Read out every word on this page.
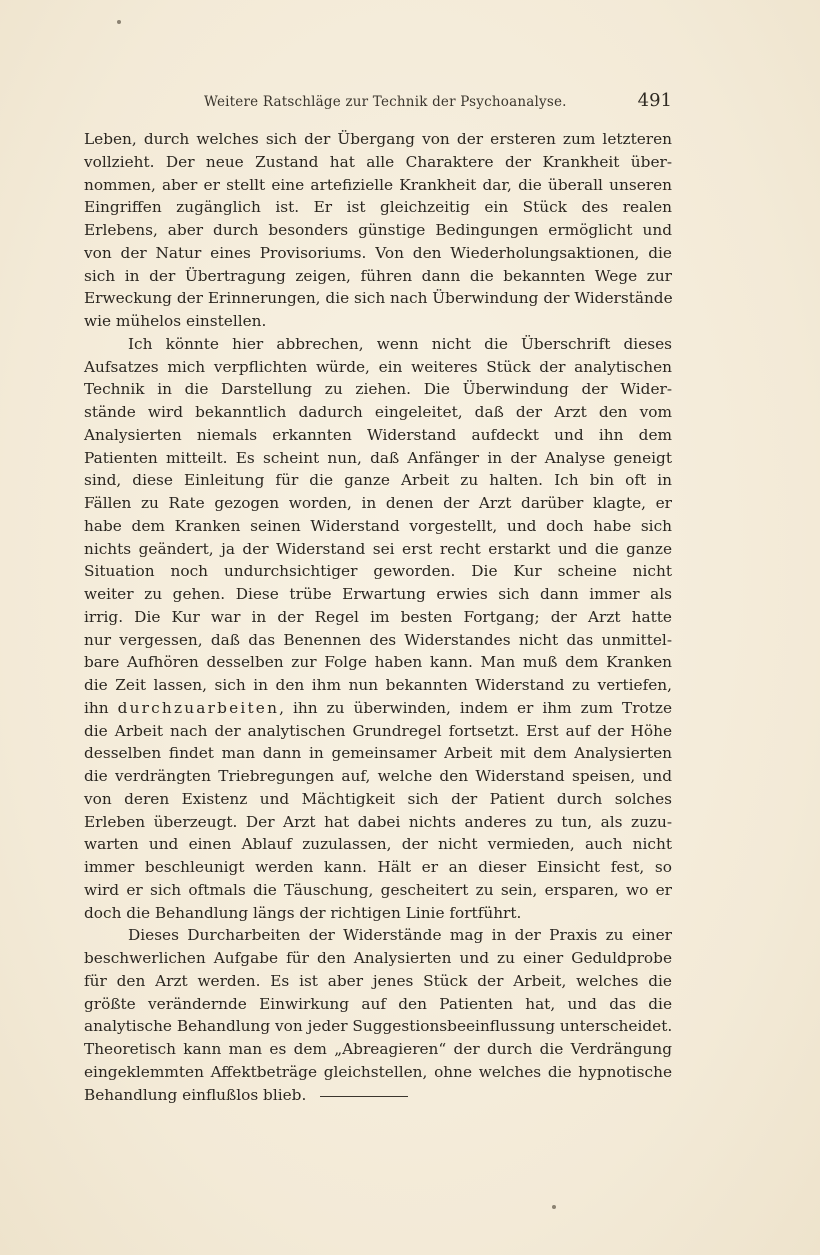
Weitere Ratschläge zur Technik der Psychoanalyse.	491
Leben, durch welches sich der Übergang von der ersteren zum letzteren
vollzieht. Der neue Zustand hat alle Charaktere der Krankheit über-
nommen, aber er stellt eine artefizielle Krankheit dar, die überall unseren
Eingriffen zugänglich ist. Er ist gleichzeitig ein Stück des realen
Erlebens, aber durch besonders günstige Bedingungen ermöglicht und
von der Natur eines Provisoriums. Von den Wiederholungsaktionen, die
sich in der Übertragung zeigen, führen dann die bekannten Wege zur
Erweckung der Erinnerungen, die sich nach Überwindung der Widerstände
wie mühelos einstellen.
Ich könnte hier abbrechen, wenn nicht die Überschrift dieses
Aufsatzes mich verpflichten würde, ein weiteres Stück der analytischen
Technik in die Darstellung zu ziehen. Die Überwindung der Wider-
stände wird bekanntlich dadurch eingeleitet, daß der Arzt den vom
Analysierten niemals erkannten Widerstand aufdeckt und ihn dem
Patienten mitteilt. Es scheint nun, daß Anfänger in der Analyse geneigt
sind, diese Einleitung für die ganze Arbeit zu halten. Ich bin oft in
Fällen zu Rate gezogen worden, in denen der Arzt darüber klagte, er
habe dem Kranken seinen Widerstand vorgestellt, und doch habe sich
nichts geändert, ja der Widerstand sei erst recht erstarkt und die ganze
Situation noch undurchsichtiger geworden. Die Kur scheine nicht
weiter zu gehen. Diese trübe Erwartung erwies sich dann immer als
irrig. Die Kur war in der Regel im besten Fortgang; der Arzt hatte
nur vergessen, daß das Benennen des Widerstandes nicht das unmittel-
bare Aufhören desselben zur Folge haben kann. Man muß dem Kranken
die Zeit lassen, sich in den ihm nun bekannten Widerstand zu vertiefen,
ihn durchzuarbeiten, ihn zu überwinden, indem er ihm zum Trotze
die Arbeit nach der analytischen Grundregel fortsetzt. Erst auf der Höhe
desselben findet man dann in gemeinsamer Arbeit mit dem Analysierten
die verdrängten Triebregungen auf, welche den Widerstand speisen, und
von deren Existenz und Mächtigkeit sich der Patient durch solches
Erleben überzeugt. Der Arzt hat dabei nichts anderes zu tun, als zuzu-
warten und einen Ablauf zuzulassen, der nicht vermieden, auch nicht
immer beschleunigt werden kann. Hält er an dieser Einsicht fest, so
wird er sich oftmals die Täuschung, gescheitert zu sein, ersparen, wo er
doch die Behandlung längs der richtigen Linie fortführt.
Dieses Durcharbeiten der Widerstände mag in der Praxis zu einer
beschwerlichen Aufgabe für den Analysierten und zu einer Geduldprobe
für den Arzt werden. Es ist aber jenes Stück der Arbeit, welches die
größte verändernde Einwirkung auf den Patienten hat, und das die
analytische Behandlung von jeder Suggestionsbeeinflussung unterscheidet.
Theoretisch kann man es dem „Abreagieren“ der durch die Verdrängung
eingeklemmten Affektbeträge gleichstellen, ohne welches die hypnotische
Behandlung einflußlos blieb.
